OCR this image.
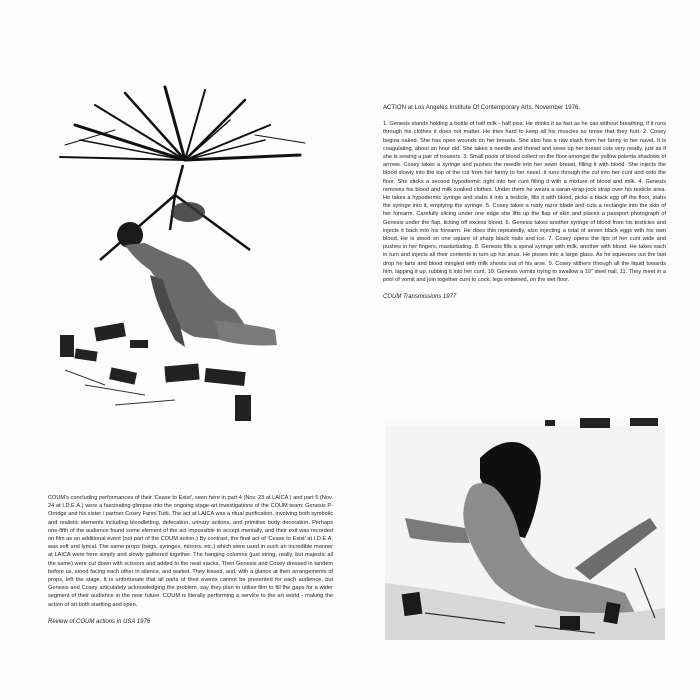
ACTION at Los Angeles Institute Of Contemporary Arts. November 1976.

1. Genesis stands holding a bottle of half milk - half piss. He drinks it as fast as he can without breathing, if it runs through his clothes it does not matter. He tries hard to keep all his muscles so tense that they hurt. 2. Cosey begins naked. She has open wounds on her breasts. She also has a raw slash from her fanny to her navel. It is coagulating, about an hour old. She takes a needle and thread and sews up her breast cuts very neatly, just as if she is sewing a pair of trousers. 3. Small pools of blood collect on the floor amongst the yellow polenta shadows of arrows. Cosey takes a syringe and pushes the needle into her sewn breast, filling it with blood. She injects the blood slowly into the top of the cut from her fanny to her navel. It runs through the cut into her cunt and onto the floor. She sticks a second hypodermic right into her cunt filling it with a mixture of blood and milk. 4. Genesis removes his blood and milk soaked clothes. Under them he wears a saran-wrap jock strap over his testicle area. He takes a hypodermic syringe and stabs it into a testicle, fills it with blood, picks a black egg off the floor, stabs the syringe into it, emptying the syringe. 5. Cosey takes a rusty razor blade and cuts a rectangle into the skin of her forearm. Carefully slicing under one edge she lifts up the flap of skin and places a passport photograph of Genesis under the flap, licking off excess blood. 6. Genesis takes another syringe of blood from his testicles and injects it back into his forearm. He does this repeatedly, also injecting a total of seven black eggs with his own blood. He is stood on one square of sharp black nails and ice. 7. Cosey opens the lips of her cunt wide and pushes in her fingers, masturbating. 8. Genesis fills a spinal syringe with milk, another with blood. He takes each in turn and injects all their contents in turn up his anus. He pisses into a large glass. As he squeezes out the last drop he farts and blood mingled with milk shoots out of his arse. 9. Cosey slithers through all the liquid towards him, lapping it up, rubbing it into her cunt. 10. Genesis vomits trying to swallow a 10" steel nail. 11. They meet in a pool of vomit and join together cunt to cock, legs entwined, on the wet floor.

COUM Transmissions 1977

COUM's concluding performances of their 'Cease to Exist', seen here in part 4 (Nov. 23 at LAICA ) and part 5 (Nov. 24 at I.D.E.A.) were a fascinating glimpse into the ongoing stage-art investigations of the COUM team: Genesis P-Orridge and his sister / partner Cosey Fanni Tutti. The act at LAICA was a ritual purification, involving both symbolic and realistic elements including bloodletting, defecation, urinary actions, and primitive body decoration. Perhaps one-fifth of the audience found some element of the act impossible to accept mentally, and their exit was recorded on film as an additional event (not part of the COUM action.) By contrast, the final act of 'Cease to Exist' at I.D.E.A. was soft and lyrical. The same props (twigs, syringes, mirrors, etc.) which were used in such an incredible manner at LAICA were here simply and slowly gathered together. The hanging columns (just string, really, but majestic all the same) were cut down with scissors and added to the neat stacks. Then Genesis and Cosey dressed in tandem before us, stood facing each other in silence, and waited. They kissed, and, with a glance at their arrangements of props, left the stage. It is unfortunate that all parts of their events cannot be presented for each audience, but Genesis and Cosey articulately acknowledging the problem, say they plan to utilise film to fill the gaps for a wider segment of their audience in the near future. COUM is literally performing a service to the art world - making the action of art both startling and open.

Review of COUM actions in USA 1976
